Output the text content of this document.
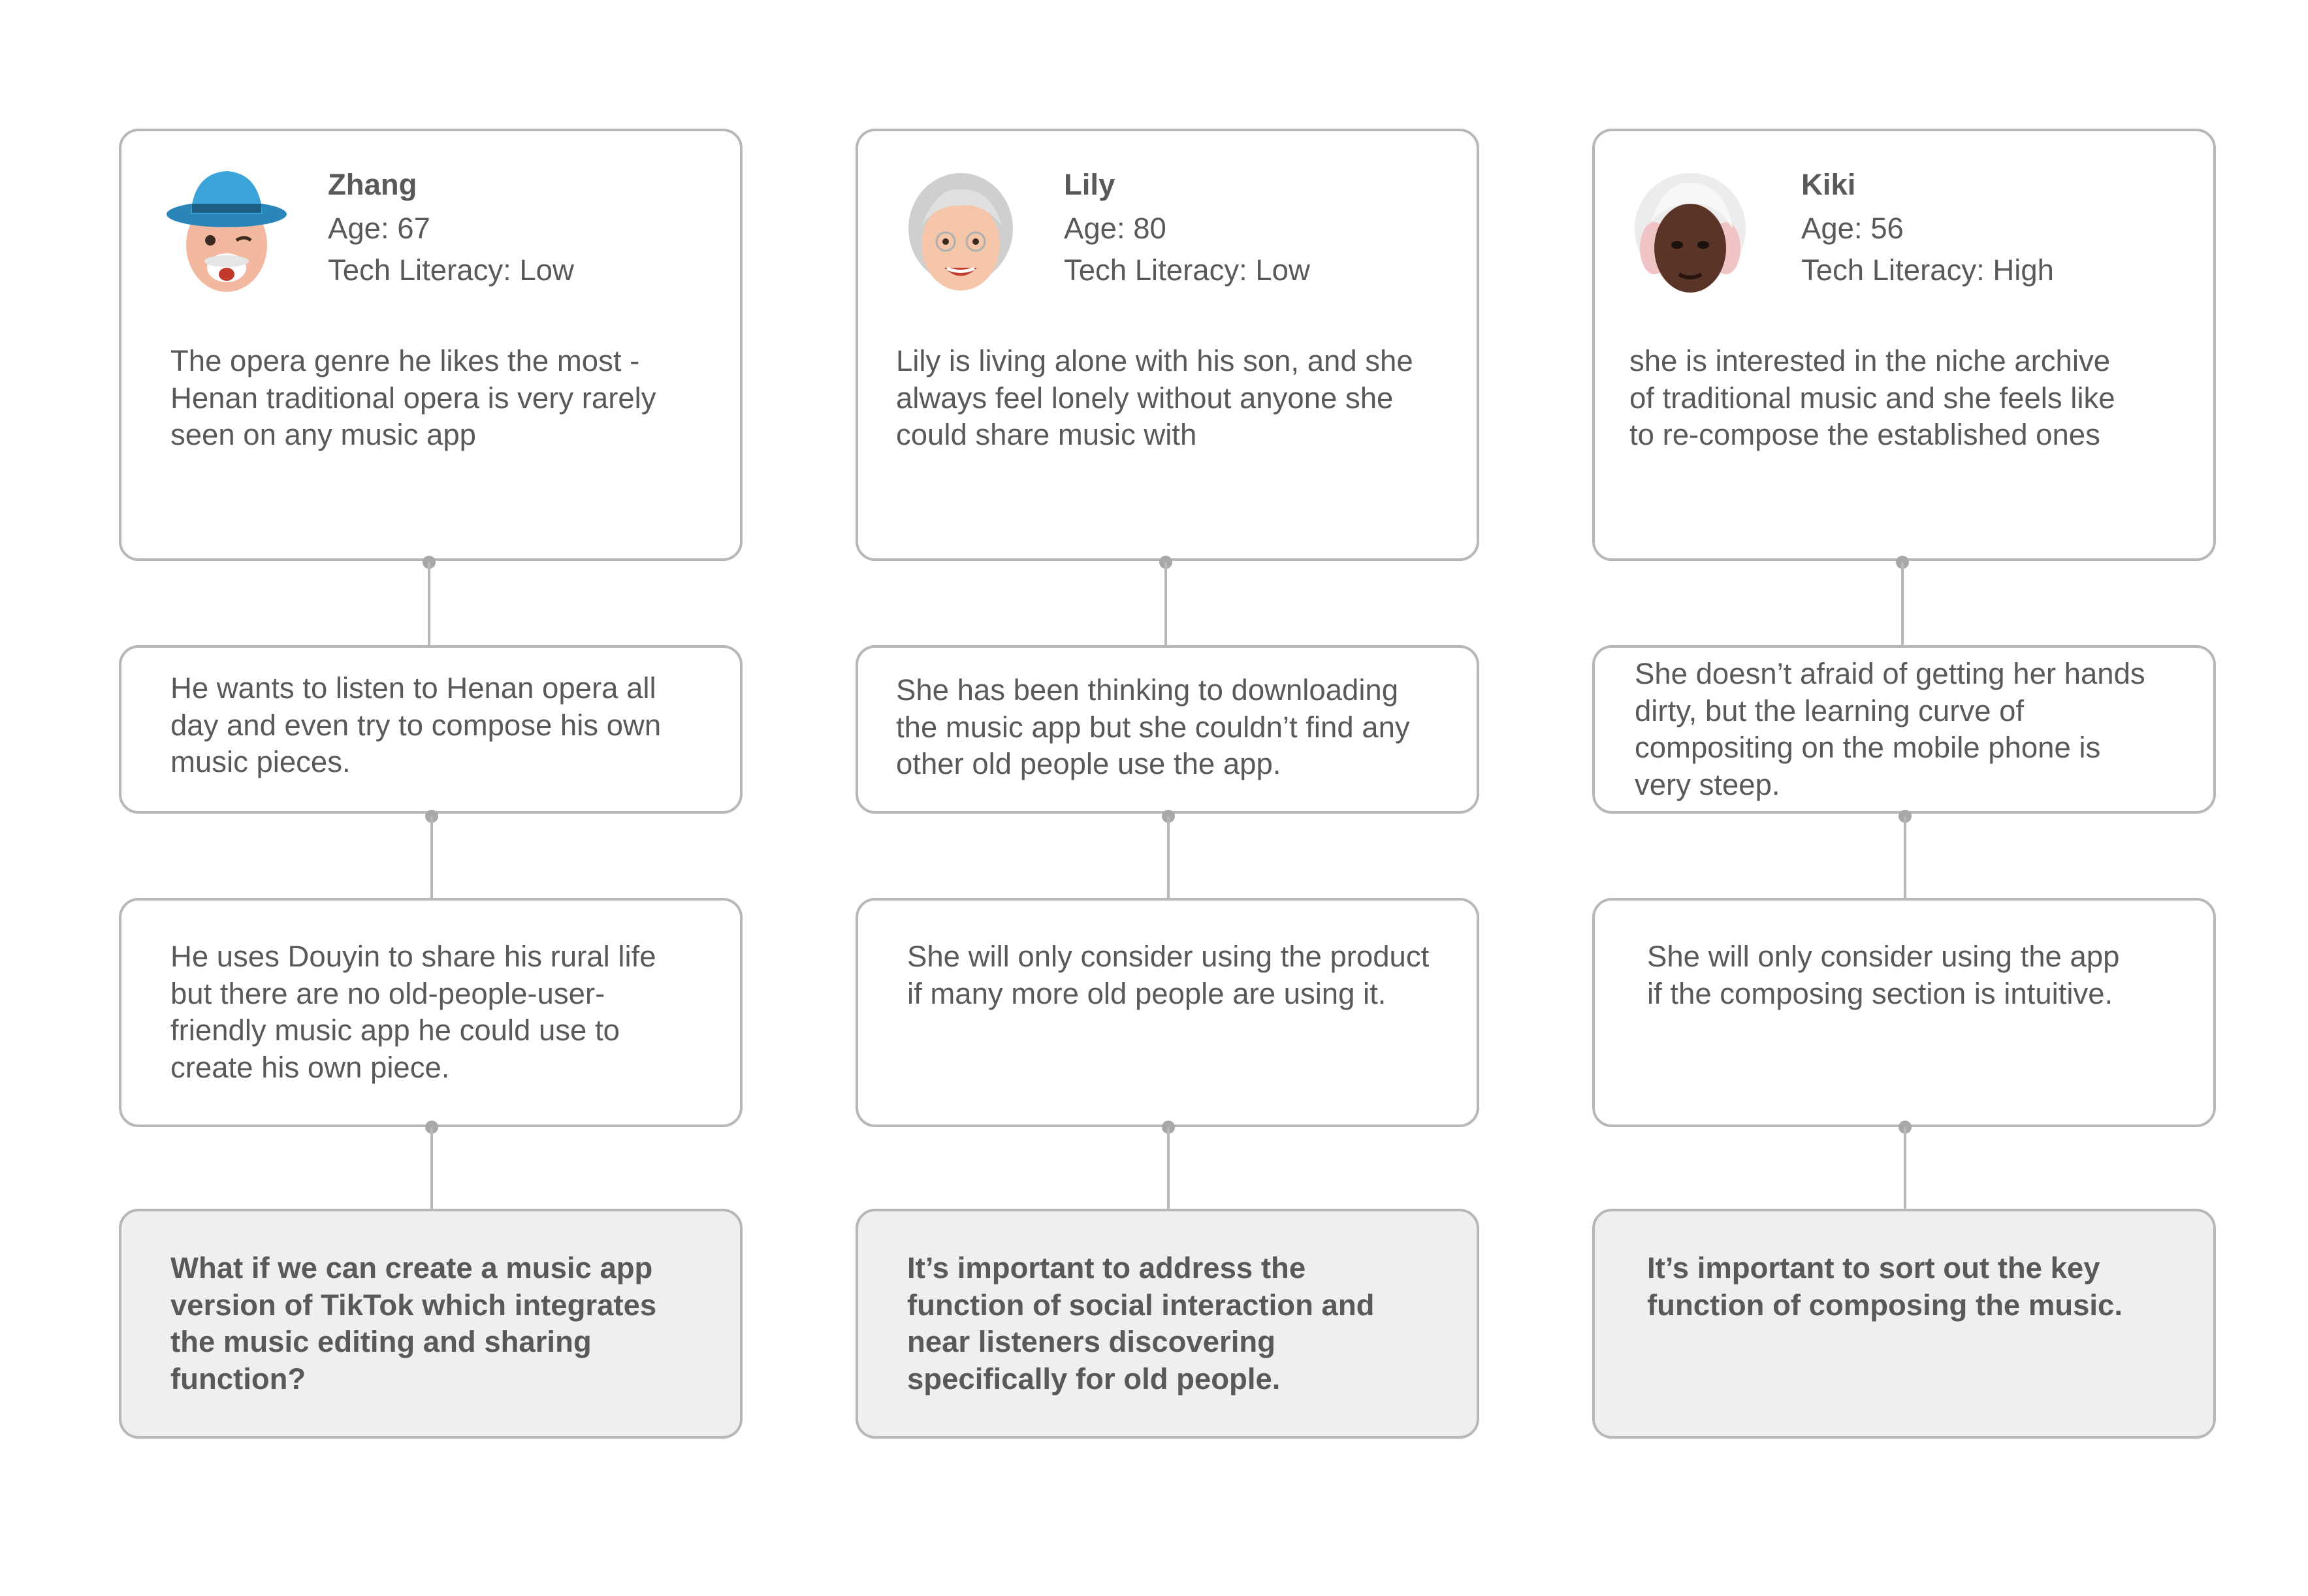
Zhang
Age: 67
Tech Literacy: Low
The opera genre he likes the most -
Henan traditional opera is very rarely
seen on any music app
He wants to listen to Henan opera all
day and even try to compose his own
music pieces.
He uses Douyin to share his rural life
but there are no old-people-user-
friendly music app he could use to
create his own piece.
What if we can create a music app
version of TikTok which integrates
the music editing and sharing
function?
Lily
Age: 80
Tech Literacy: Low
Lily is living alone with his son, and she
always feel lonely without anyone she
could share music with
She has been thinking to downloading
the music app but she couldn’t find any
other old people use the app.
She will only consider using the product
if many more old people are using it.
It’s important to address the
function of social interaction and
near listeners discovering
specifically for old people.
Kiki
Age: 56
Tech Literacy: High
she is interested in the niche archive
of traditional music and she feels like
to re-compose the established ones
She doesn’t afraid of getting her hands
dirty, but the learning curve of
compositing on the mobile phone is
very steep.
She will only consider using the app
if the composing section is intuitive.
It’s important to sort out the key
function of composing the music.
